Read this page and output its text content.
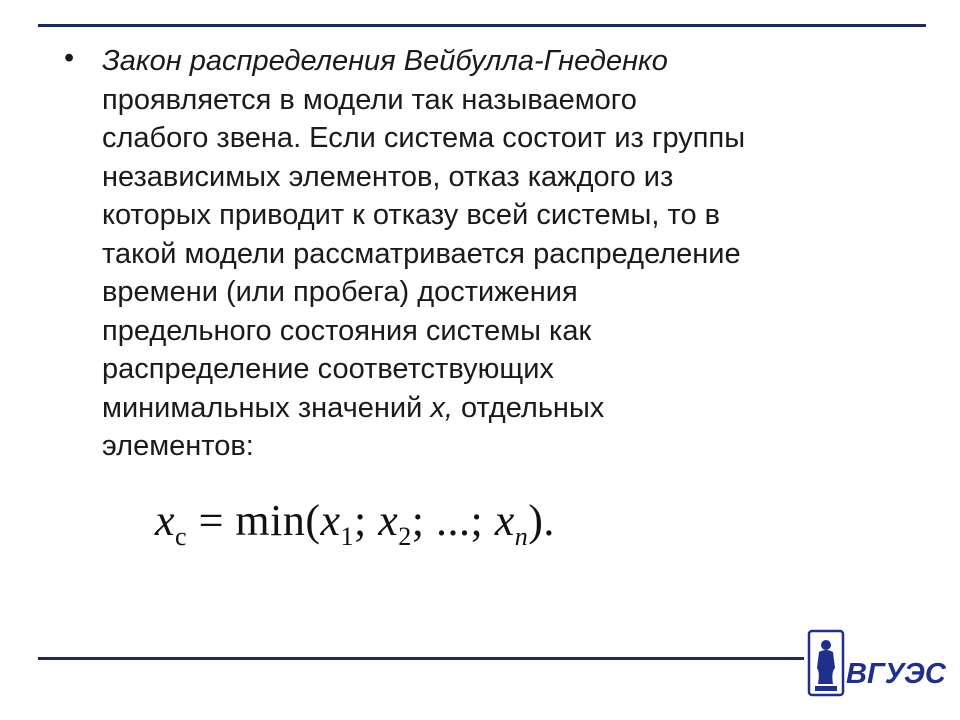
• Закон распределения Вейбулла-Гнеденко
проявляется в модели так называемого
слабого звена. Если система состоит из группы
независимых элементов, отказ каждого из
которых приводит к отказу всей системы, то в
такой модели рассматривается распределение
времени (или пробега) достижения
предельного состояния системы как
распределение соответствующих
минимальных значений x, отдельных
элементов:
$x_c = \min(x_1$; $x_2$; ...; $x_n$).
ВГУЭС
